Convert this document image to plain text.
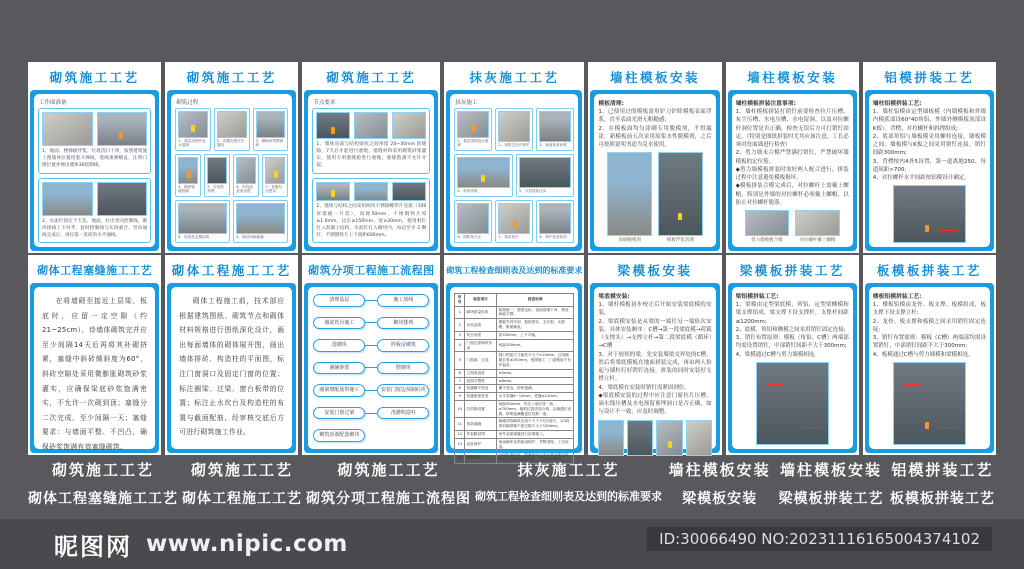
砌筑施工工艺
工作面准备
1、地面、楼梯板浮浆、垃圾清扫干净，按照建筑施工图墙体位置用墨斗弹线，墨线须弹顺直，注明门窗位置并弹出墙体30控制线。
2、水泥钉固定于天花、地面，拉出竖向控制线，砌块排线上下对齐，此时控制线与灰饼重合，竖向通线完成后，再拉第一皮砖的水平通线。
砌筑施工工艺
砌筑过程
1、基层清理并浇水湿润
2、设置皮数杆拉通线
3、满铺砂浆摆砌块
4、砌块错缝搭砌
5、拉结筋预埋
6、吊线检查垂直度
7、灰缝勾压密实
8、构造柱支模浇筑	9、墙顶斜砌塞缝
砌筑施工工艺
节点要求
1、墙体顶部与结构梁底之间预留 20~30mm 的缝隙，7天后才能进行塞缝，塞缝材料采用砌筑砂浆灌实，使用专用塞缝枪进行塞缝，塞缝饱满不允许开裂。
2、墙体与结构之间采用两块不锈钢蝶形片连接（100厚墙板一片装），间距50mm，不锈钢铁片厚≥1.0mm，边长≥150mm、宽≥30mm，使用射钉打入混凝土结构，水泥钉打入砌块内，每边至少 2 颗钉，不锈钢铁片上下间距600mm。
抹灰施工工艺
抹灰施工
1、基层清理浇水湿润	2、甩浆拉毛并养护	3、制备抹灰砂浆
4、贴饼冲筋	5、分层抹灰压实
6、阴阳角方正	7、抹灰找平	8、养护检查验收
墙柱模板安装
模板清理:
1、已使用过的模板需用铲刀铲除模板表面浮浆，直至表面光滑无粗糙感;
2、在模板面均匀涂刷专用脱模剂，不得漏涂。新模板前五次采用原浆水性脱模剂，之后可按照说明书适当兑水使用。
涂刷脱模剂	模板浮浆清理
墙柱模板安装
墙柱模板拼装注意事项:
1、墙柱模板拼装打销钉前要检查拉片压槽、灰尘压槽、水电压槽、水电留洞、以及对拉螺杆洞位置是否正确，检查无误后方可打销钉固定。（特别是图纸拼装时尤其应该注意，工长必须对每面墙进行检查）
2、剪力墙未合模严禁满打销钉，严禁破坏墙模板的定位筋。
◆剪力墙模板拼装时需好两人配合进行，拼装过程中注意避免模板损坏。
◆模板拼装合模完成后，对拉螺杆上需戴上螺帽，特别是外墙的对拉螺杆必须戴上螺帽，以防止对拉螺杆脱落。
剪力墙模板合模	对拉螺杆戴上螺帽
铝模拼装工艺
墙柱铝模拼装工艺:
1、墙柱铝模由定型墙板模（内墙模板和外墙内模底部设60°40角铝、外墙外侧模板顶部设K板）、背楞、对拉螺杆和斜撑组成;
2、底部角铝与墙板模采用螺栓连接，墙板模之间、墙板模与K板之间采用销钉连接，销钉间距300mm;
3、背楞按内4外5设置，第一道离地250、每道间距>700;
4、对拉螺杆水平间距按铝模设计确定。
砌体工程塞缝施工工艺
在将墙砌至接近上层梁、板底时，应留一定空隙（约21~25cm），待墙体砌筑完并应至少间隔14天后再将其补砌挤紧，塞缝中斜砖倾斜度为60°，斜砖空隙处采用微膨胀砌筑砂浆灌实，应确保梁底砂浆饱满密实，不允许一次砌到顶；塞缝分二次完成，至少间隔一天；塞缝要求：与墙面平整、不凹凸，确保砂浆饱满有效塞缝砌筑。
砌体工程施工工艺
砌体工程施工前，技术部应根据建筑图纸、砌筑节点和砌体材料规格进行图纸深化设计，画出每面墙体的砌体展开图，画出墙体排砖、构造柱的平面图，标注门窗洞口及固定门窗的位置；标注圈梁、过梁、窗台板带的位置；标注止水坎台及构造柱的布置与截面配筋，经审核交底后方可进行砌筑施工作业。
砌筑分项工程施工流程图
清理基层	施工放线
墙底坎台施工	砌块排列
选砌块	样板房砌筑
满铺砂浆	摆砌块
圈梁增配筋带施工	安装门窗边预制砼块
安装门窗过梁	浇灌构造柱
砌筑顶部配套砌块
砌筑工程检查细则表及达到的标准要求
序号	检查项目	检查标准
1	砌块质量验收	规格统一、强度达标、表面清理干净、堆放场地平整。
2	反坎浇筑	模板夹具牢固、振捣密实、无烂根、无胀模、断面顺直。
3	坎台高度	高300mm，上下平顺。
4	门窗边预制块布设	间距200mm。
5	门窗洞、过梁	洞口预留尺寸偏差不大于±10mm，过梁搁置长度≥250mm，按图施工，门洞预留不允许偏差。
6	立面垂直度	≤5mm。
7	表面平整度	≤8mm。
8	灰缝横平竖直	横平竖直、砂浆饱满。
9	灰缝厚度宽度	水平灰缝8~12mm、竖缝≤12mm。
10	拉结筋设置	间距500mm、每边入墙长度一致、≥700mm，植筋拉拔试验合格、沿墙通长设置、砂浆饱满覆盖拉结筋一道。
11	顶部塞缝	塞缝须待砌筑完成不少于7天后进行，1/3高度斜砌挤紧不留空隙不大于150mm。
12	外架眼封堵	里外双面塞缝进行封堵施工。
13	成品保护	现场砌体及预留洞保护、齐整清理、工完场清。
14	资料要求	分段检查验收、隐蔽验收记录及系列报验资料必须与现场实际同步，不得漏项缺项。
梁模板安装
梁底模安装:
1、墙柱模板初步校正后开始安装梁底模的安装。
2、梁底模安装是从梁的一端往另一端依次安装，具体安装顺序：C槽→第一段梁底模→荷载（支撑头）→支撑立杆→第二段梁底模（循环）→C槽
3、对于较短的梁，先安装墙梁交界处的C槽，然后将梁底模板在地面拼装完成，再由两人抬起与墙柱打好销钉连接，拼装的同时安装好支撑立杆。
4、梁底模在安装时销钉需紧固到位。
◆梁底模安装的过程中应注意门窗拉片压槽、滴水线压槽及水电预留预埋洞口是否正确，如与设计不一致，应及时调整。
梁模板拼装工艺
梁铝模拼装工艺:
1、梁模由定型梁底模、角铝、定型梁侧模和梁支撑组成，梁支撑下设支撑杆，支撑杆间距≤1200mm;
2、底模、角铝和侧模之间采用销钉固定连接;
3、销钉布置原则：模板（角铝、C槽）两端部均需设置销钉，中部销钉间距不大于300mm;
4、梁模通过C槽与剪力墙模相连。
板模板拼装工艺
楼板铝模拼装工艺:
1、楼板铝模由龙骨、板支撑、板模组成，板支撑下设支撑立杆;
2、龙骨、板支撑和板模之间采用销钉固定连接;
3、销钉布置原则：模板（C槽）两端部均需设置销钉，中部销钉间距不大于300mm;
4、板模通过C槽与剪力墙模和梁模相连。
砌筑施工工艺
砌体工程塞缝施工工艺
砌筑施工工艺
砌体工程施工工艺
砌筑施工工艺
砌筑分项工程施工流程图
抹灰施工工艺
砌筑工程检查细则表及达到的标准要求
墙柱模板安装
梁模板安装
墙柱模板安装
梁模板拼装工艺
铝模拼装工艺
板模板拼装工艺
昵图网 www.nipic.com	ID:30066490 NO:20231116165004374102
